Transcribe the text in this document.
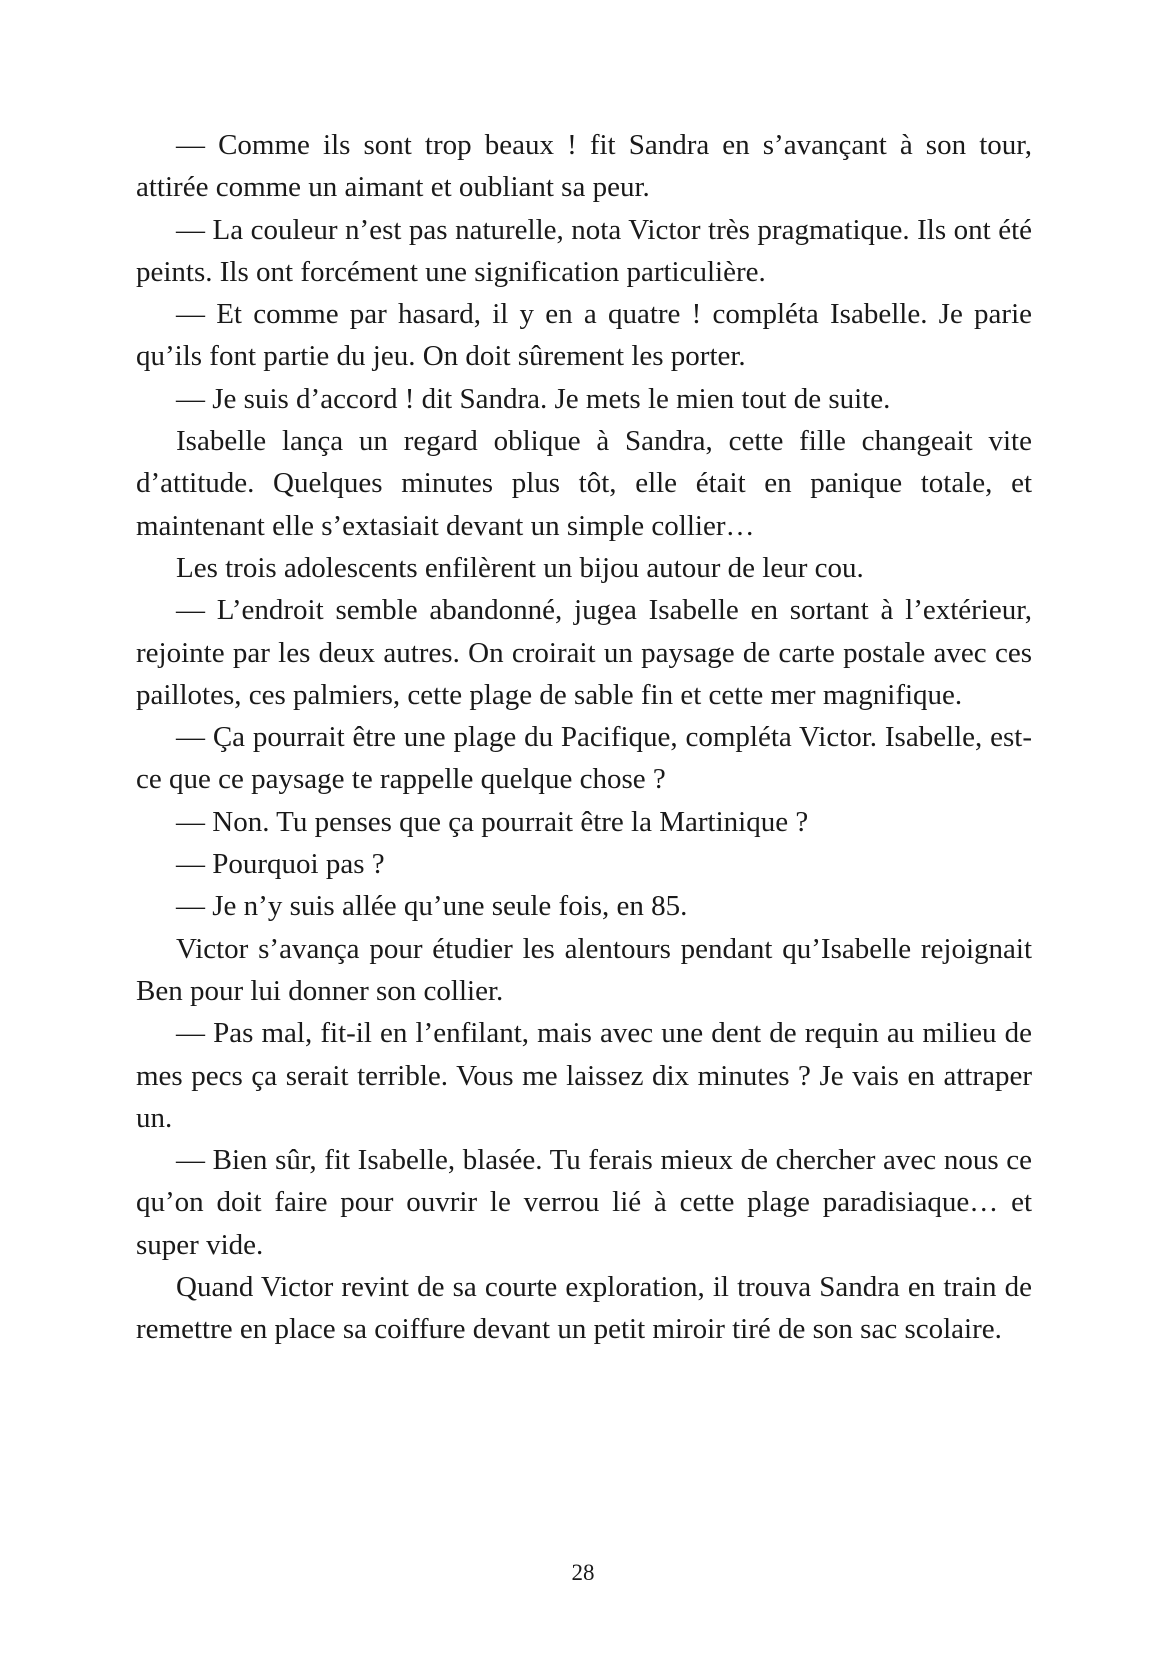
— Comme ils sont trop beaux ! fit Sandra en s’avançant à son tour, attirée comme un aimant et oubliant sa peur.

— La couleur n’est pas naturelle, nota Victor très pragmatique. Ils ont été peints. Ils ont forcément une signification particulière.

— Et comme par hasard, il y en a quatre ! compléta Isabelle. Je parie qu’ils font partie du jeu. On doit sûrement les porter.

— Je suis d’accord ! dit Sandra. Je mets le mien tout de suite.

Isabelle lança un regard oblique à Sandra, cette fille changeait vite d’attitude. Quelques minutes plus tôt, elle était en panique totale, et maintenant elle s’extasiait devant un simple collier…

Les trois adolescents enfilèrent un bijou autour de leur cou.

— L’endroit semble abandonné, jugea Isabelle en sortant à l’extérieur, rejointe par les deux autres. On croirait un paysage de carte postale avec ces paillotes, ces palmiers, cette plage de sable fin et cette mer magnifique.

— Ça pourrait être une plage du Pacifique, compléta Victor. Isabelle, est-ce que ce paysage te rappelle quelque chose ?

— Non. Tu penses que ça pourrait être la Martinique ?

— Pourquoi pas ?

— Je n’y suis allée qu’une seule fois, en 85.

Victor s’avança pour étudier les alentours pendant qu’Isabelle rejoignait Ben pour lui donner son collier.

— Pas mal, fit-il en l’enfilant, mais avec une dent de requin au milieu de mes pecs ça serait terrible. Vous me laissez dix minutes ? Je vais en attraper un.

— Bien sûr, fit Isabelle, blasée. Tu ferais mieux de chercher avec nous ce qu’on doit faire pour ouvrir le verrou lié à cette plage paradisiaque… et super vide.

Quand Victor revint de sa courte exploration, il trouva Sandra en train de remettre en place sa coiffure devant un petit miroir tiré de son sac scolaire.

28
